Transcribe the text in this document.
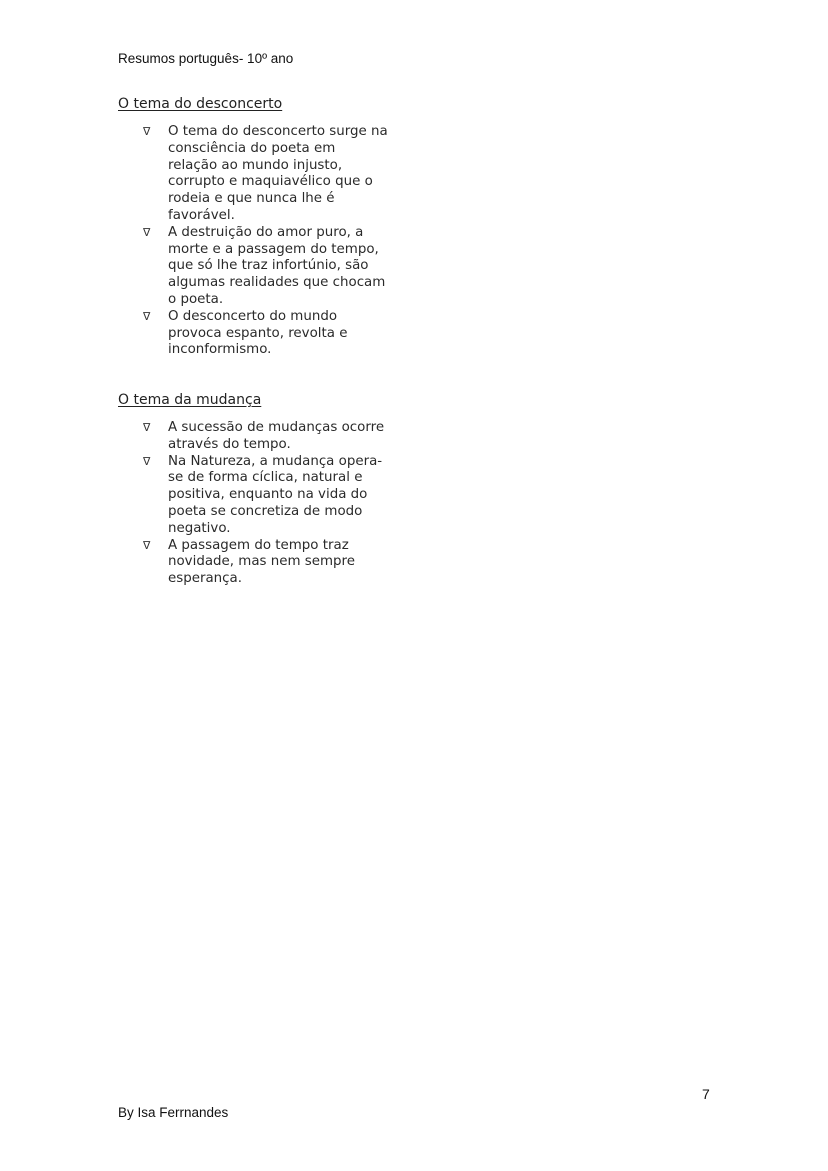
Resumos português- 10º ano
O tema do desconcerto
∇ O tema do desconcerto surge na consciência do poeta em relação ao mundo injusto, corrupto e maquiavélico que o rodeia e que nunca lhe é favorável.
∇ A destruição do amor puro, a morte e a passagem do tempo, que só lhe traz infortúnio, são algumas realidades que chocam o poeta.
∇ O desconcerto do mundo provoca espanto, revolta e inconformismo.
O tema da mudança
∇ A sucessão de mudanças ocorre através do tempo.
∇ Na Natureza, a mudança opera-se de forma cíclica, natural e positiva, enquanto na vida do poeta se concretiza de modo negativo.
∇ A passagem do tempo traz novidade, mas nem sempre esperança.
7
By Isa Ferrnandes
